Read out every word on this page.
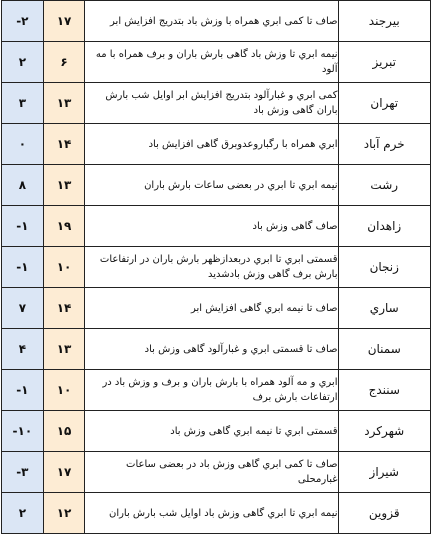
بیرجند	صاف تا کمی ابري همراه با وزش باد بتدریج افزایش ابر	۱۷	-۲
تبريز	نیمه ابري تا وزش باد گاهی بارش باران و برف همراه با مه آلود	۶	۲
تهران	کمی ابري و غبارآلود بتدریج افزایش ابر اوایل شب بارش باران گاهی وزش باد	۱۳	۳
خرم آباد	ابري همراه با رگباروعدوبرق گاهی افزایش باد	۱۴	۰
رشت	نیمه ابري تا ابري در بعضی ساعات بارش باران	۱۳	۸
زاهدان	صاف گاهی وزش باد	۱۹	-۱
زنجان	قسمتی ابري تا ابري دربعدازظهر بارش باران در ارتفاعات بارش برف گاهی وزش بادشدید	۱۰	-۱
ساري	صاف تا نیمه ابري گاهی افزایش ابر	۱۴	۷
سمنان	صاف تا قسمتی ابري و غبارآلود گاهی وزش باد	۱۳	۴
سنندج	ابري و مه آلود همراه با بارش باران و برف و وزش باد در ارتفاعات بارش برف	۱۰	-۱
شهرکرد	قسمتی ابري تا نیمه ابري گاهی وزش باد	۱۵	-۱۰
شیراز	صاف تا کمی ابري گاهی وزش باد در بعضی ساعات غبارمحلی	۱۷	-۳
قزوين	نیمه ابري تا ابري گاهی وزش باد اوایل شب بارش باران	۱۲	۲
